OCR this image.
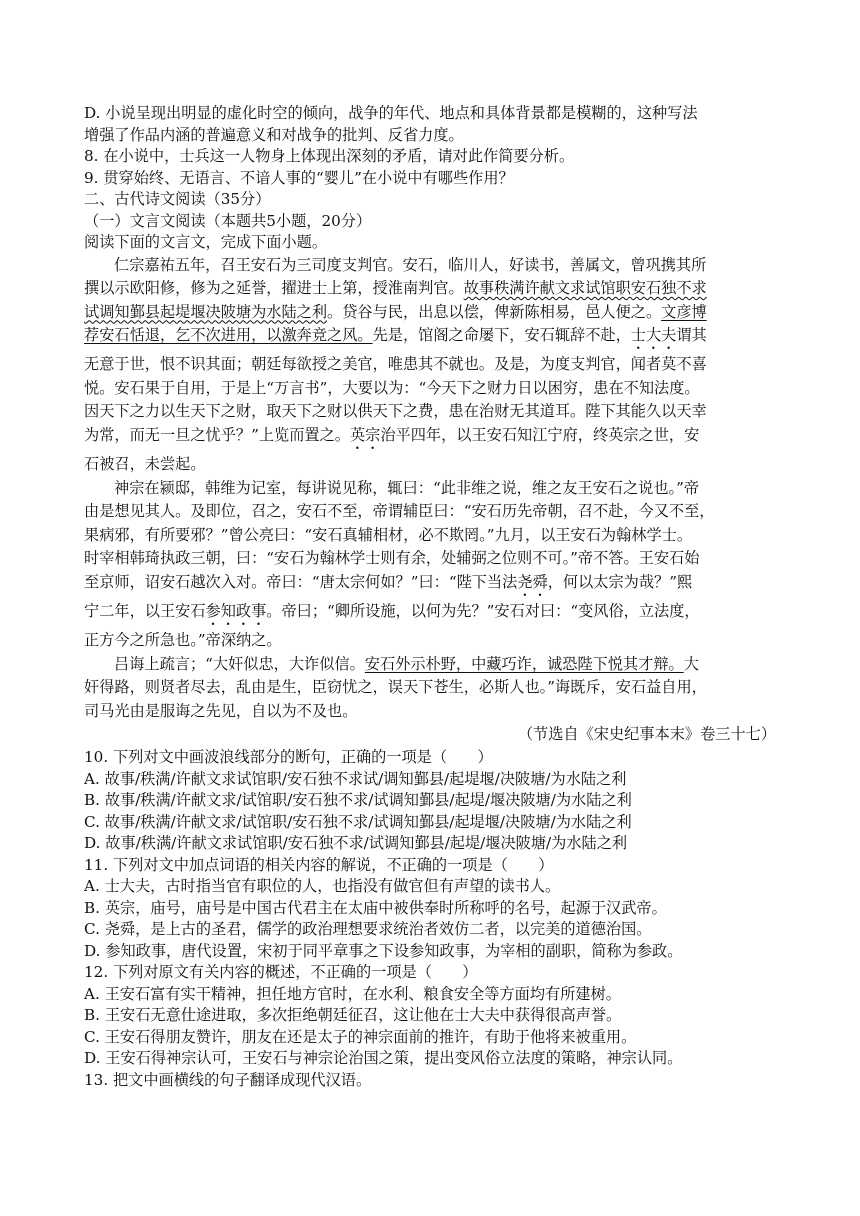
D. 小说呈现出明显的虚化时空的倾向，战争的年代、地点和具体背景都是模糊的，这种写法
增强了作品内涵的普遍意义和对战争的批判、反省力度。
8. 在小说中，士兵这一人物身上体现出深刻的矛盾，请对此作简要分析。
9. 贯穿始终、无语言、不谙人事的“婴儿”在小说中有哪些作用？
二、古代诗文阅读（35分）
（一）文言文阅读（本题共5小题，20分）
阅读下面的文言文，完成下面小题。
仁宗嘉祐五年，召王安石为三司度支判官。安石，临川人，好读书，善属文，曾巩携其所
撰以示欧阳修，修为之延誉，擢进士上第，授淮南判官。故事秩满许献文求试馆职安石独不求
试调知鄞县起堤堰决陂塘为水陆之利。贷谷与民，出息以偿，俾新陈相易，邑人便之。文彦博
荐安石恬退，乞不次进用，以激奔竞之风。先是，馆阁之命屡下，安石辄辞不赴，士大夫谓其
无意于世，恨不识其面；朝廷每欲授之美官，唯患其不就也。及是，为度支判官，闻者莫不喜
悦。安石果于自用，于是上“万言书”，大要以为：“今天下之财力日以困穷，患在不知法度。
因天下之力以生天下之财，取天下之财以供天下之费，患在治财无其道耳。陛下其能久以天幸
为常，而无一旦之忧乎？”上览而置之。英宗治平四年，以王安石知江宁府，终英宗之世，安
石被召，未尝起。
神宗在颍邸，韩维为记室，每讲说见称，辄曰：“此非维之说，维之友王安石之说也。”帝
由是想见其人。及即位，召之，安石不至，帝谓辅臣曰：“安石历先帝朝，召不赴，今又不至，
果病邪，有所要邪？”曾公亮曰：“安石真辅相材，必不欺罔。”九月，以王安石为翰林学士。
时宰相韩琦执政三朝，曰：“安石为翰林学士则有余，处辅弼之位则不可。”帝不答。王安石始
至京师，诏安石越次入对。帝曰：“唐太宗何如？”曰：“陛下当法尧舜，何以太宗为哉？”熙
宁二年，以王安石参知政事。帝曰；“卿所设施，以何为先？”安石对曰：“变风俗，立法度，
正方今之所急也。”帝深纳之。
吕诲上疏言；“大奸似忠，大诈似信。安石外示朴野，中藏巧诈，诚恐陛下悦其才辩。大
奸得路，则贤者尽去，乱由是生，臣窃忧之，误天下苍生，必斯人也。”诲既斥，安石益自用，
司马光由是服诲之先见，自以为不及也。
（节选自《宋史纪事本末》卷三十七）
10. 下列对文中画波浪线部分的断句，正确的一项是（　　）
A. 故事/秩满/许献文求试馆职/安石独不求试/调知鄞县/起堤堰/决陂塘/为水陆之利
B. 故事/秩满/许献文求/试馆职/安石独不求/试调知鄞县/起堤/堰决陂塘/为水陆之利
C. 故事/秩满/许献文求/试馆职/安石独不求/试调知鄞县/起堤堰/决陂塘/为水陆之利
D. 故事/秩满/许献文求试馆职/安石独不求/试调知鄞县/起堤/堰决陂塘/为水陆之利
11. 下列对文中加点词语的相关内容的解说，不正确的一项是（　　）
A. 士大夫，古时指当官有职位的人，也指没有做官但有声望的读书人。
B. 英宗，庙号，庙号是中国古代君主在太庙中被供奉时所称呼的名号，起源于汉武帝。
C. 尧舜，是上古的圣君，儒学的政治理想要求统治者效仿二者，以完美的道德治国。
D. 参知政事，唐代设置，宋初于同平章事之下设参知政事，为宰相的副职，简称为参政。
12. 下列对原文有关内容的概述，不正确的一项是（　　）
A. 王安石富有实干精神，担任地方官时，在水利、粮食安全等方面均有所建树。
B. 王安石无意仕途进取，多次拒绝朝廷征召，这让他在士大夫中获得很高声誉。
C. 王安石得朋友赞许，朋友在还是太子的神宗面前的推许，有助于他将来被重用。
D. 王安石得神宗认可，王安石与神宗论治国之策，提出变风俗立法度的策略，神宗认同。
13. 把文中画横线的句子翻译成现代汉语。
